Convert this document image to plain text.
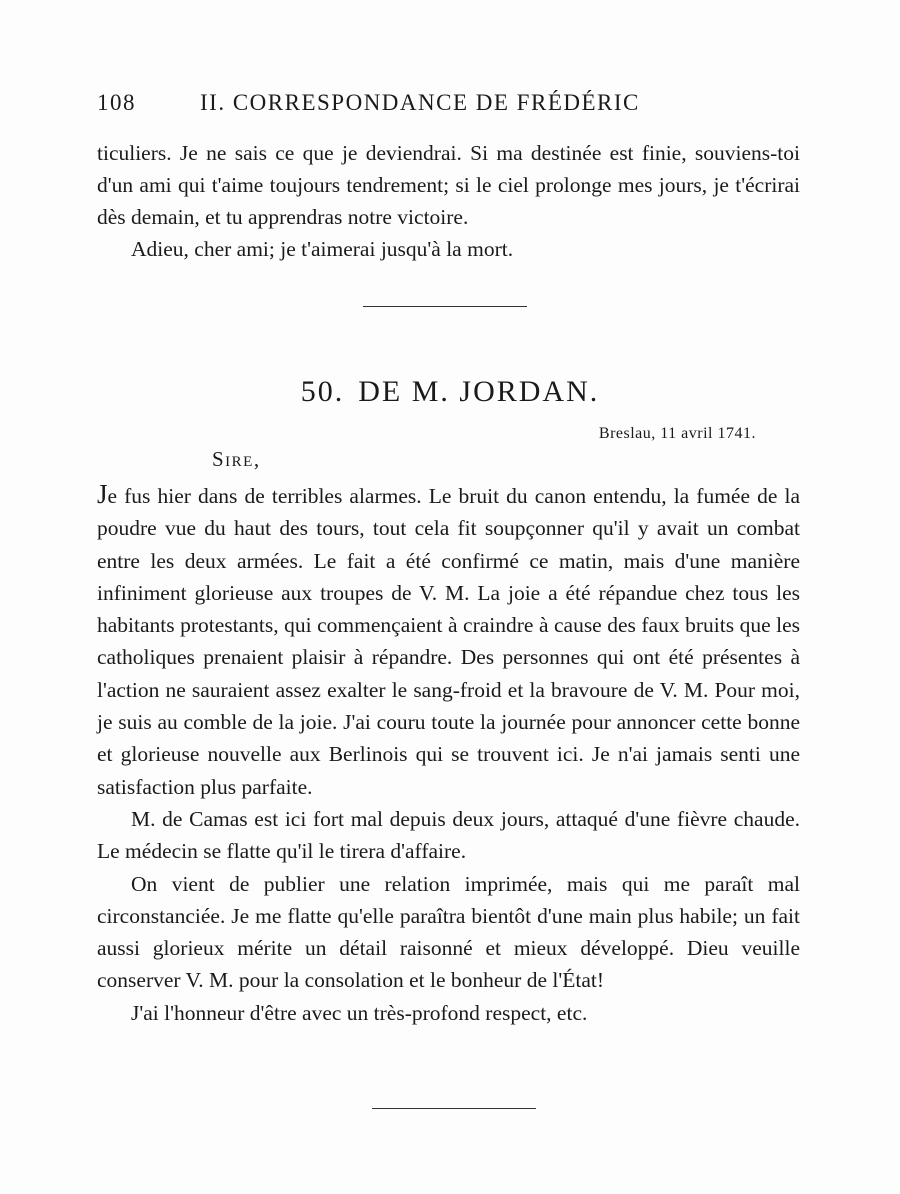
108	II. CORRESPONDANCE DE FRÉDÉRIC

ticuliers. Je ne sais ce que je deviendrai. Si ma destinée est finie, souviens-toi d'un ami qui t'aime toujours tendrement; si le ciel prolonge mes jours, je t'écrirai dès demain, et tu apprendras notre victoire.

Adieu, cher ami; je t'aimerai jusqu'à la mort.

50. DE M. JORDAN.
Breslau, 11 avril 1741.
Sire,

Je fus hier dans de terribles alarmes. Le bruit du canon entendu, la fumée de la poudre vue du haut des tours, tout cela fit soupçonner qu'il y avait un combat entre les deux armées. Le fait a été confirmé ce matin, mais d'une manière infiniment glorieuse aux troupes de V. M. La joie a été répandue chez tous les habitants protestants, qui commençaient à craindre à cause des faux bruits que les catholiques prenaient plaisir à répandre. Des personnes qui ont été présentes à l'action ne sauraient assez exalter le sang-froid et la bravoure de V. M. Pour moi, je suis au comble de la joie. J'ai couru toute la journée pour annoncer cette bonne et glorieuse nouvelle aux Berlinois qui se trouvent ici. Je n'ai jamais senti une satisfaction plus parfaite.

M. de Camas est ici fort mal depuis deux jours, attaqué d'une fièvre chaude. Le médecin se flatte qu'il le tirera d'affaire.

On vient de publier une relation imprimée, mais qui me paraît mal circonstanciée. Je me flatte qu'elle paraîtra bientôt d'une main plus habile; un fait aussi glorieux mérite un détail raisonné et mieux développé. Dieu veuille conserver V. M. pour la consolation et le bonheur de l'État!

J'ai l'honneur d'être avec un très-profond respect, etc.
